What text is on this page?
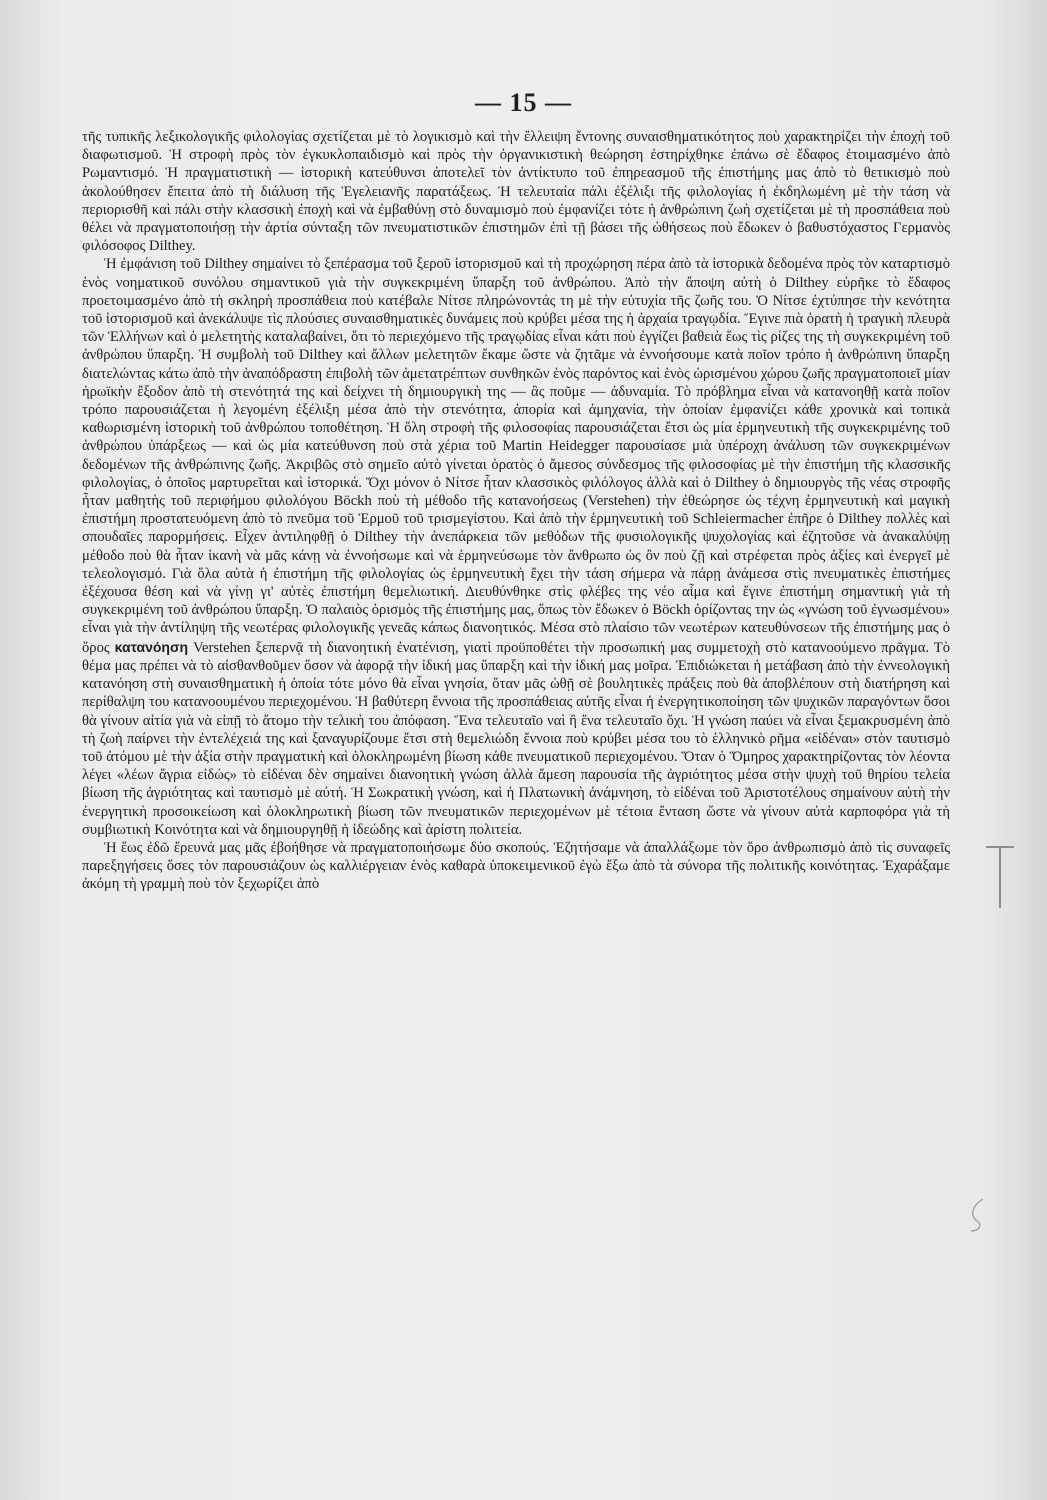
— 15 —

τῆς τυπικῆς λεξικολογικῆς φιλολογίας σχετίζεται μὲ τὸ λογικισμὸ καὶ τὴν ἔλλειψη ἔντονης συναισθηματικότητος ποὺ χαρακτηρίζει τὴν ἐποχὴ τοῦ διαφωτισμοῦ. Ἡ στροφὴ πρὸς τὸν ἐγκυκλοπαιδισμὸ καὶ πρὸς τὴν ὀργανικιστικὴ θεώρηση ἐστηρίχθηκε ἐπάνω σὲ ἔδαφος ἑτοιμασμένο ἀπὸ Ρωμαντισμό. Ἡ πραγματιστικὴ — ἱστορικὴ κατεύθυνσι ἀποτελεῖ τὸν ἀντίκτυπο τοῦ ἐπηρεασμοῦ τῆς ἐπιστήμης μας ἀπὸ τὸ θετικισμὸ ποὺ ἀκολούθησεν ἔπειτα ἀπὸ τὴ διάλυση τῆς Ἑγελειανῆς παρατάξεως. Ἡ τελευταία πάλι ἐξέλιξι τῆς φιλολογίας ἡ ἐκδηλωμένη μὲ τὴν τάση νὰ περιορισθῆ καὶ πάλι στὴν κλασσικὴ ἐποχὴ καὶ νὰ ἐμβαθύνῃ στὸ δυναμισμὸ ποὺ ἐμφανίζει τότε ἡ ἀνθρώπινη ζωὴ σχετίζεται μὲ τὴ προσπάθεια ποὺ θέλει νὰ πραγματοποιήσῃ τὴν ἀρτία σύνταξη τῶν πνευματιστικῶν ἐπιστημῶν ἐπὶ τῇ βάσει τῆς ὠθήσεως ποὺ ἔδωκεν ὁ βαθυστόχαστος Γερμανὸς φιλόσοφος Dilthey.

Ἡ ἐμφάνιση τοῦ Dilthey σημαίνει τὸ ξεπέρασμα τοῦ ξεροῦ ἱστορισμοῦ καὶ τὴ προχώρηση πέρα ἀπὸ τὰ ἱστορικὰ δεδομένα πρὸς τὸν καταρτισμὸ ἑνὸς νοηματικοῦ συνόλου σημαντικοῦ γιὰ τὴν συγκεκριμένη ὕπαρξη τοῦ ἀνθρώπου. Ἀπὸ τὴν ἄποψη αὐτὴ ὁ Dilthey εὑρῆκε τὸ ἔδαφος προετοιμασμένο ἀπὸ τὴ σκληρὴ προσπάθεια ποὺ κατέβαλε Νίτσε πληρώνοντάς τη μὲ τὴν εὐτυχία τῆς ζωῆς του. Ὁ Νίτσε ἐχτύπησε τὴν κενότητα τοῦ ἱστορισμοῦ καὶ ἀνεκάλυψε τὶς πλούσιες συναισθηματικὲς δυνάμεις ποὺ κρύβει μέσα της ἡ ἀρχαία τραγῳδία. Ἔγινε πιὰ ὁρατὴ ἡ τραγικὴ πλευρὰ τῶν Ἑλλήνων καὶ ὁ μελετητὴς καταλαβαίνει, ὅτι τὸ περιεχόμενο τῆς τραγῳδίας εἶναι κάτι ποὺ ἐγγίζει βαθειὰ ἕως τὶς ρίζες της τὴ συγκεκριμένη τοῦ ἀνθρώπου ὕπαρξη. Ἡ συμβολὴ τοῦ Dilthey καὶ ἄλλων μελετητῶν ἔκαμε ὥστε νὰ ζητᾶμε νὰ ἐννοήσουμε κατὰ ποῖον τρόπο ἡ ἀνθρώπινη ὕπαρξη διατελώντας κάτω ἀπὸ τὴν ἀναπόδραστη ἐπιβολὴ τῶν ἀμετατρέπτων συνθηκῶν ἑνὸς παρόντος καὶ ἑνὸς ὡρισμένου χώρου ζωῆς πραγματοποιεῖ μίαν ἡρωϊκὴν ἔξοδον ἀπὸ τὴ στενότητά της καὶ δείχνει τὴ δημιουργικὴ της — ἂς ποῦμε — ἀδυναμία. Τὸ πρόβλημα εἶναι νὰ κατανοηθῇ κατὰ ποῖον τρόπο παρουσιάζεται ἡ λεγομένη ἐξέλιξη μέσα ἀπὸ τὴν στενότητα, ἀπορία καὶ ἀμηχανία, τὴν ὁποίαν ἐμφανίζει κάθε χρονικὰ καὶ τοπικὰ καθωρισμένη ἱστορικὴ τοῦ ἀνθρώπου τοποθέτηση. Ἡ ὅλη στροφὴ τῆς φιλοσοφίας παρουσιάζεται ἔτσι ὡς μία ἑρμηνευτικὴ τῆς συγκεκριμένης τοῦ ἀνθρώπου ὑπάρξεως — καὶ ὡς μία κατεύθυνση ποὺ στὰ χέρια τοῦ Martin Heidegger παρουσίασε μιὰ ὑπέροχη ἀνάλυση τῶν συγκεκριμένων δεδομένων τῆς ἀνθρώπινης ζωῆς. Ἀκριβῶς στὸ σημεῖο αὐτὸ γίνεται ὁρατὸς ὁ ἄμεσος σύνδεσμος τῆς φιλοσοφίας μὲ τὴν ἐπιστήμη τῆς κλασσικῆς φιλολογίας, ὁ ὁποῖος μαρτυρεῖται καὶ ἱστορικά. Ὄχι μόνον ὁ Νίτσε ἦταν κλασσικὸς φιλόλογος ἀλλὰ καὶ ὁ Dilthey ὁ δημιουργὸς τῆς νέας στροφῆς ἦταν μαθητὴς τοῦ περιφήμου φιλολόγου Böckh ποὺ τὴ μέθοδο τῆς κατανοήσεως (Verstehen) τὴν ἐθεώρησε ὡς τέχνη ἑρμηνευτικὴ καὶ μαγικὴ ἐπιστήμη προστατευόμενη ἀπὸ τὸ πνεῦμα τοῦ Ἑρμοῦ τοῦ τρισμεγίστου. Καὶ ἀπὸ τὴν ἑρμηνευτικὴ τοῦ Schleiermacher ἐπῆρε ὁ Dilthey πολλὲς καὶ σπουδαῖες παρορμήσεις. Εἶχεν ἀντιληφθῇ ὁ Dilthey τὴν ἀνεπάρκεια τῶν μεθόδων τῆς φυσιολογικῆς ψυχολογίας καὶ ἐζητοῦσε νὰ ἀνακαλύψῃ μέθοδο ποὺ θὰ ἦταν ἱκανὴ νὰ μᾶς κάνῃ νὰ ἐννοήσωμε καὶ νὰ ἑρμηνεύσωμε τὸν ἄνθρωπο ὡς ὂν ποὺ ζῇ καὶ στρέφεται πρὸς ἀξίες καὶ ἐνεργεῖ μὲ τελεολογισμό. Γιὰ ὅλα αὐτὰ ἡ ἐπιστήμη τῆς φιλολογίας ὡς ἑρμηνευτικὴ ἔχει τὴν τάση σήμερα νὰ πάρῃ ἀνάμεσα στὶς πνευματικὲς ἐπιστήμες ἐξέχουσα θέση καὶ νὰ γίνῃ γι' αὐτὲς ἐπιστήμη θεμελιωτική. Διευθύνθηκε στὶς φλέβες της νέο αἷμα καὶ ἔγινε ἐπιστήμη σημαντικὴ γιὰ τὴ συγκεκριμένη τοῦ ἀνθρώπου ὕπαρξη. Ὁ παλαιὸς ὁρισμὸς τῆς ἐπιστήμης μας, ὅπως τὸν ἔδωκεν ὁ Böckh ὁρίζοντας την ὡς «γνώση τοῦ ἐγνωσμένου» εἶναι γιὰ τὴν ἀντίληψη τῆς νεωτέρας φιλολογικῆς γενεᾶς κάπως διανοητικός. Μέσα στὸ πλαίσιο τῶν νεωτέρων κατευθύνσεων τῆς ἐπιστήμης μας ὁ ὅρος κατανόηση Verstehen ξεπερνᾷ τὴ διανοητικὴ ἐνατένιση, γιατὶ προϋποθέτει τὴν προσωπική μας συμμετοχὴ στὸ κατανοούμενο πρᾶγμα. Τὸ θέμα μας πρέπει νὰ τὸ αἰσθανθοῦμεν ὅσον νὰ ἀφορᾷ τὴν ἰδική μας ὕπαρξη καὶ τὴν ἰδική μας μοῖρα. Ἐπιδιώκεται ἡ μετάβαση ἀπὸ τὴν ἐννεολογικὴ κατανόηση στὴ συναισθηματικὴ ἡ ὁποία τότε μόνο θὰ εἶναι γνησία, ὅταν μᾶς ὠθῇ σὲ βουλητικὲς πράξεις ποὺ θὰ ἀποβλέπουν στὴ διατήρηση καὶ περίθαλψη του κατανοουμένου περιεχομένου. Ἡ βαθύτερη ἔννοια τῆς προσπάθειας αὐτῆς εἶναι ἡ ἐνεργητικοποίηση τῶν ψυχικῶν παραγόντων ὅσοι θὰ γίνουν αἰτία γιὰ νὰ εἰπῇ τὸ ἄτομο τὴν τελικὴ του ἀπόφαση. Ἕνα τελευταῖο ναὶ ἢ ἕνα τελευταῖο ὄχι. Ἡ γνώση παύει νὰ εἶναι ξεμακρυσμένη ἀπὸ τὴ ζωὴ παίρνει τὴν ἐντελέχειά της καὶ ξαναγυρίζουμε ἔτσι στὴ θεμελιώδη ἔννοια ποὺ κρύβει μέσα του τὸ ἑλληνικὸ ρῆμα «εἰδέναι» στὸν ταυτισμὸ τοῦ ἀτόμου μὲ τὴν ἀξία στὴν πραγματικὴ καὶ ὁλοκληρωμένη βίωση κάθε πνευματικοῦ περιεχομένου. Ὅταν ὁ Ὅμηρος χαρακτηρίζοντας τὸν λέοντα λέγει «λέων ἄγρια εἰδώς» τὸ εἰδέναι δὲν σημαίνει διανοητικὴ γνώση ἀλλὰ ἄμεση παρουσία τῆς ἀγριότητος μέσα στὴν ψυχὴ τοῦ θηρίου τελεία βίωση τῆς ἀγριότητας καὶ ταυτισμὸ μὲ αὐτή. Ἡ Σωκρατικὴ γνώση, καὶ ἡ Πλατωνικὴ ἀνάμνηση, τὸ εἰδέναι τοῦ Ἀριστοτέλους σημαίνουν αὐτὴ τὴν ἐνεργητικὴ προσοικείωση καὶ ὁλοκληρωτικὴ βίωση τῶν πνευματικῶν περιεχομένων μὲ τέτοια ἔνταση ὥστε νὰ γίνουν αὐτὰ καρποφόρα γιὰ τὴ συμβιωτικὴ Κοινότητα καὶ νὰ δημιουργηθῇ ἡ ἰδεώδης καὶ ἀρίστη πολιτεία.

Ἡ ἕως ἐδῶ ἔρευνά μας μᾶς ἐβοήθησε νὰ πραγματοποιήσωμε δύο σκοπούς. Ἐζητήσαμε νὰ ἀπαλλάξωμε τὸν ὅρο ἀνθρωπισμὸ ἀπὸ τὶς συναφεῖς παρεξηγήσεις ὅσες τὸν παρουσιάζουν ὡς καλλιέργειαν ἑνὸς καθαρὰ ὑποκειμενικοῦ ἐγὼ ἔξω ἀπὸ τὰ σύνορα τῆς πολιτικῆς κοινότητας. Ἐχαράξαμε ἀκόμη τὴ γραμμὴ ποὺ τὸν ξεχωρίζει ἀπὸ
